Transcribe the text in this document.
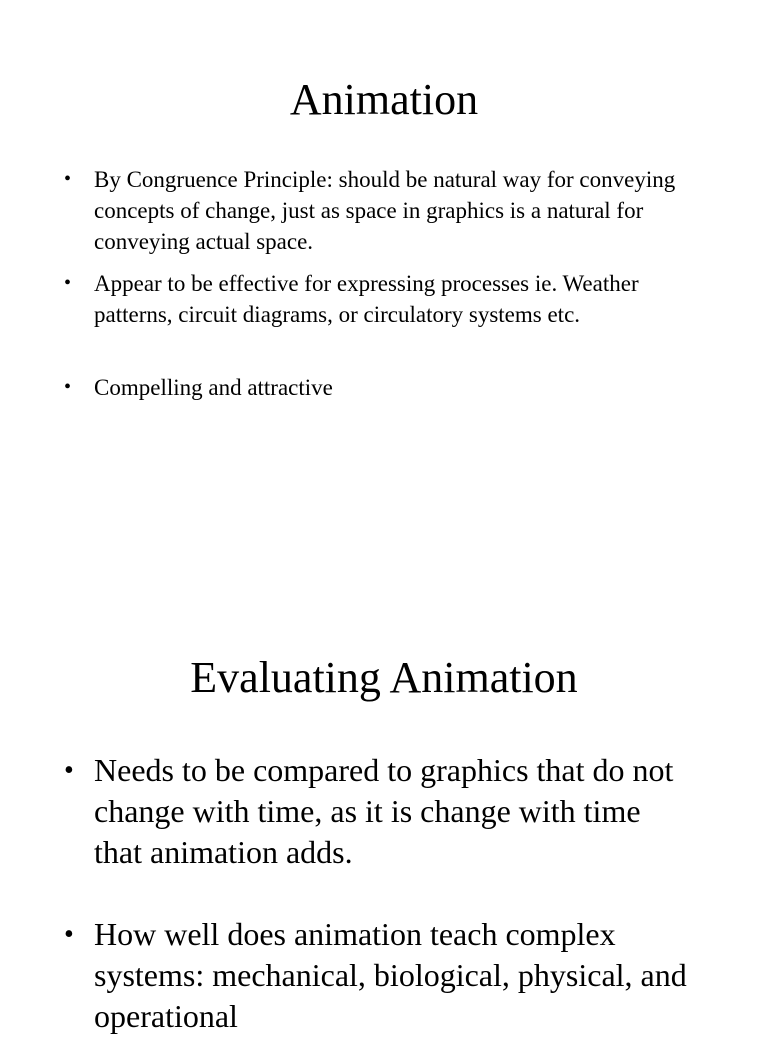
Animation
• By Congruence Principle: should be natural way for conveying concepts of change, just as space in graphics is a natural for conveying actual space.
• Appear to be effective for expressing processes ie. Weather patterns, circuit diagrams, or circulatory systems etc.
• Compelling and attractive
Evaluating Animation
• Needs to be compared to graphics that do not change with time, as it is change with time that animation adds.
• How well does animation teach complex systems: mechanical, biological, physical, and operational
